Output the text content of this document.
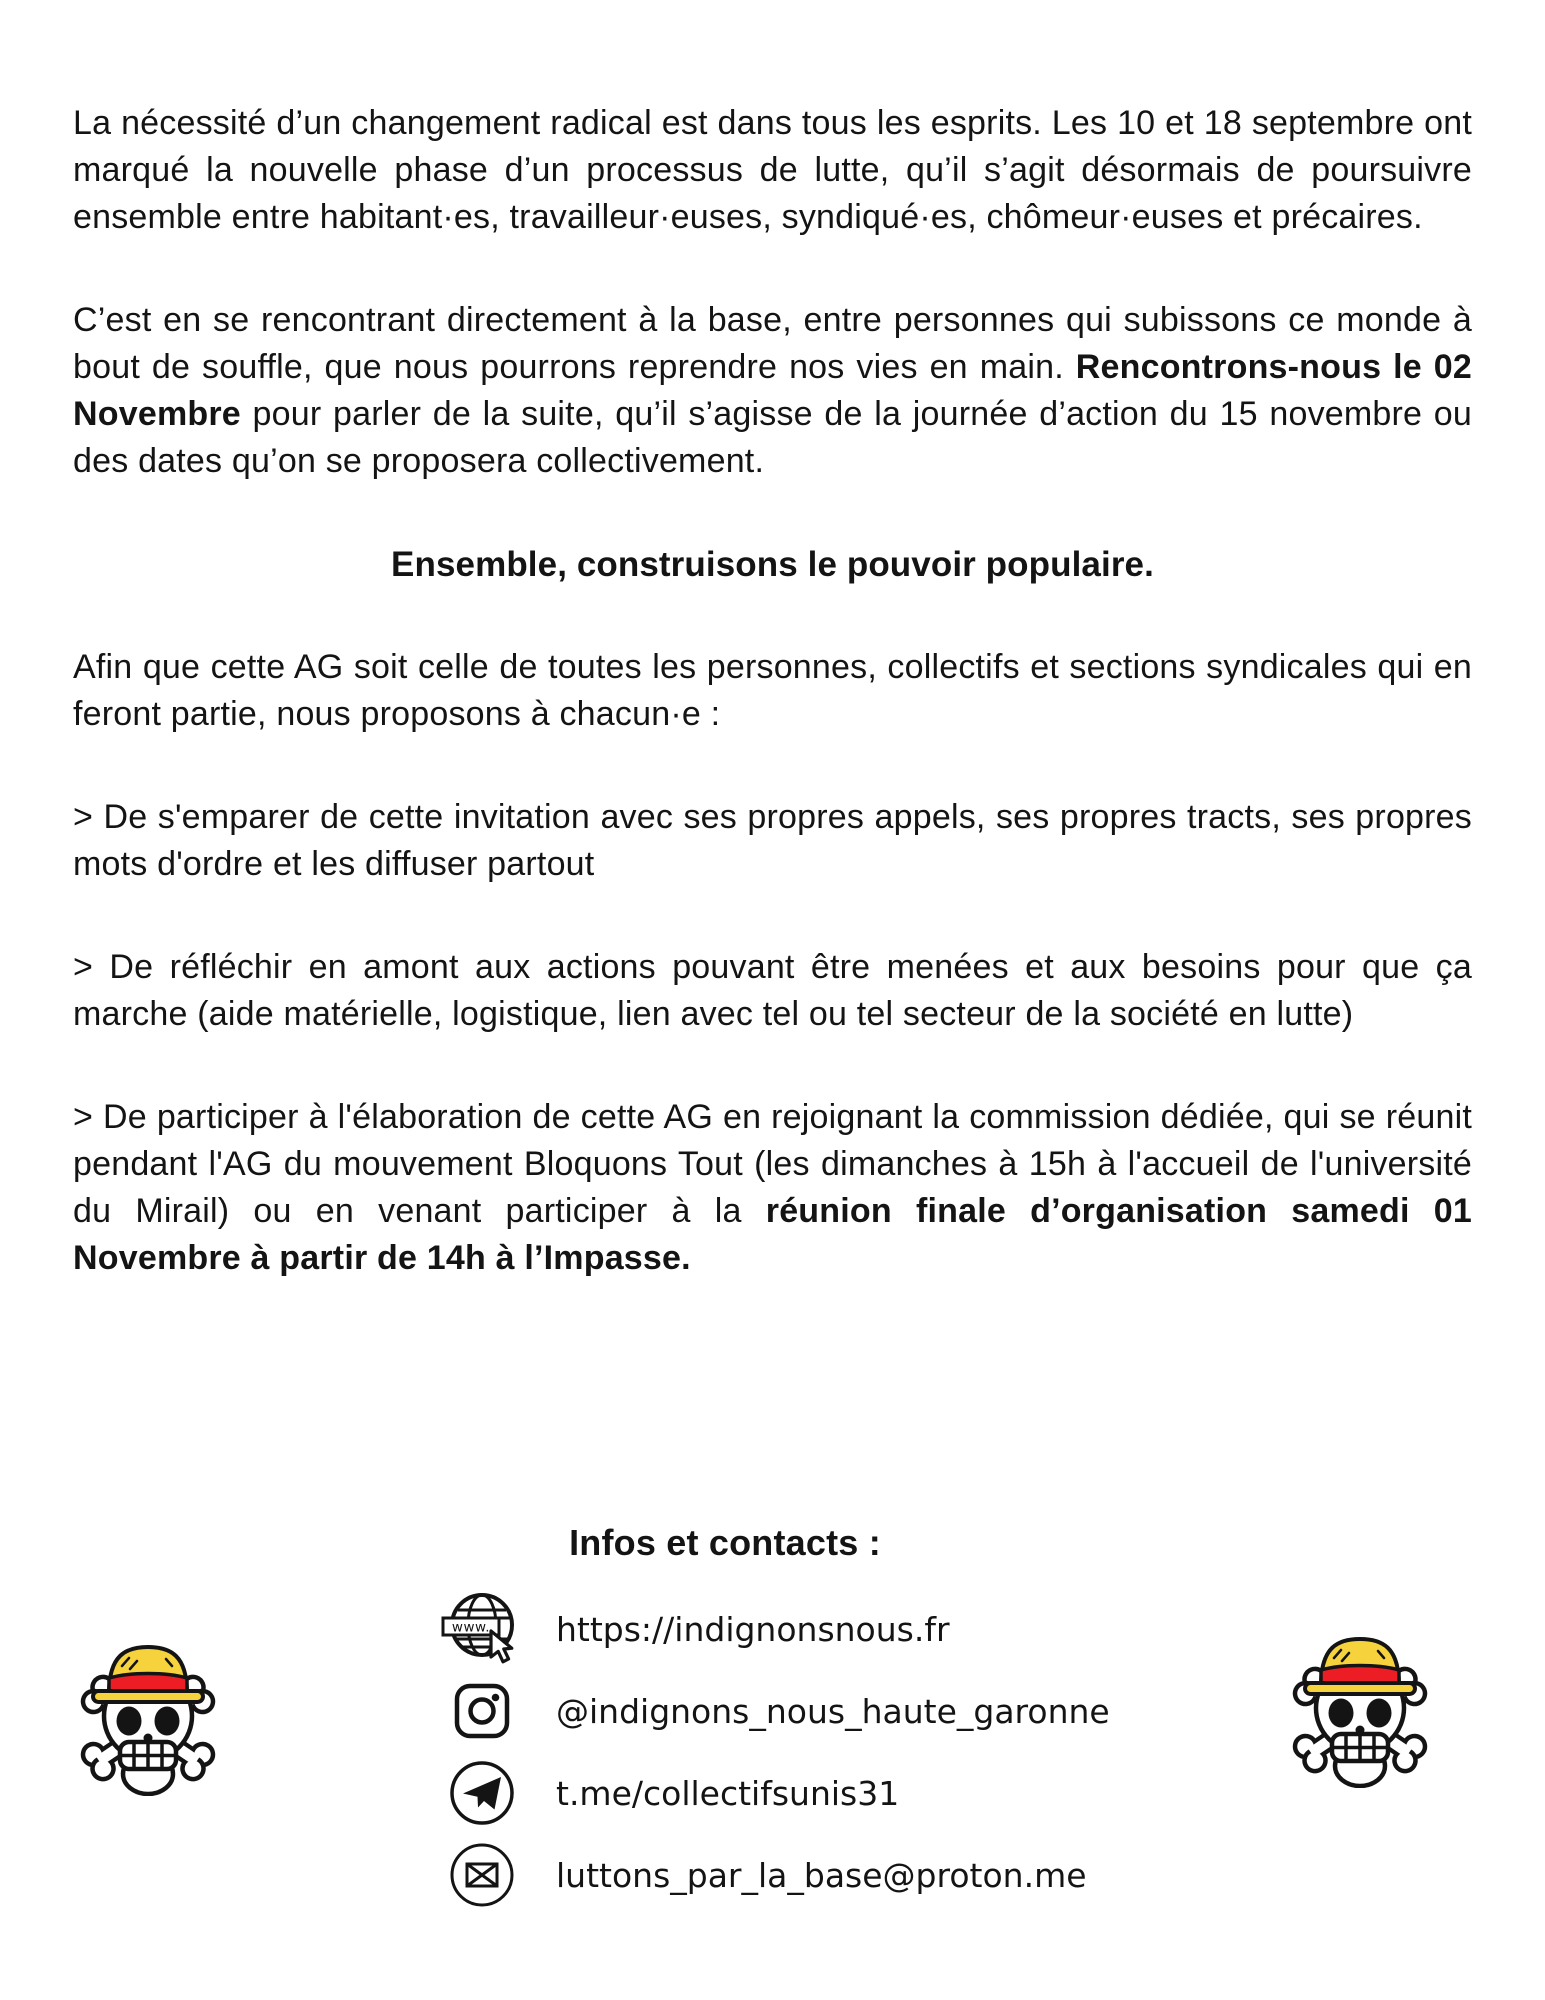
La nécessité d’un changement radical est dans tous les esprits. Les 10 et 18 septembre ont marqué la nouvelle phase d’un processus de lutte, qu’il s’agit désormais de poursuivre ensemble entre habitant·es, travailleur·euses, syndiqué·es, chômeur·euses et précaires.

C’est en se rencontrant directement à la base, entre personnes qui subissons ce monde à bout de souffle, que nous pourrons reprendre nos vies en main. Rencontrons-nous le 02 Novembre pour parler de la suite, qu’il s’agisse de la journée d’action du 15 novembre ou des dates qu’on se proposera collectivement.

Ensemble, construisons le pouvoir populaire.

Afin que cette AG soit celle de toutes les personnes, collectifs et sections syndicales qui en feront partie, nous proposons à chacun·e :

> De s'emparer de cette invitation avec ses propres appels, ses propres tracts, ses propres mots d'ordre et les diffuser partout

> De réfléchir en amont aux actions pouvant être menées et aux besoins pour que ça marche (aide matérielle, logistique, lien avec tel ou tel secteur de la société en lutte)

> De participer à l'élaboration de cette AG en rejoignant la commission dédiée, qui se réunit pendant l'AG du mouvement Bloquons Tout (les dimanches à 15h à l'accueil de l'université du Mirail) ou en venant participer à la réunion finale d’organisation samedi 01 Novembre à partir de 14h à l’Impasse.

Infos et contacts :
www. https://indignonsnous.fr
@indignons_nous_haute_garonne
t.me/collectifsunis31
luttons_par_la_base@proton.me
